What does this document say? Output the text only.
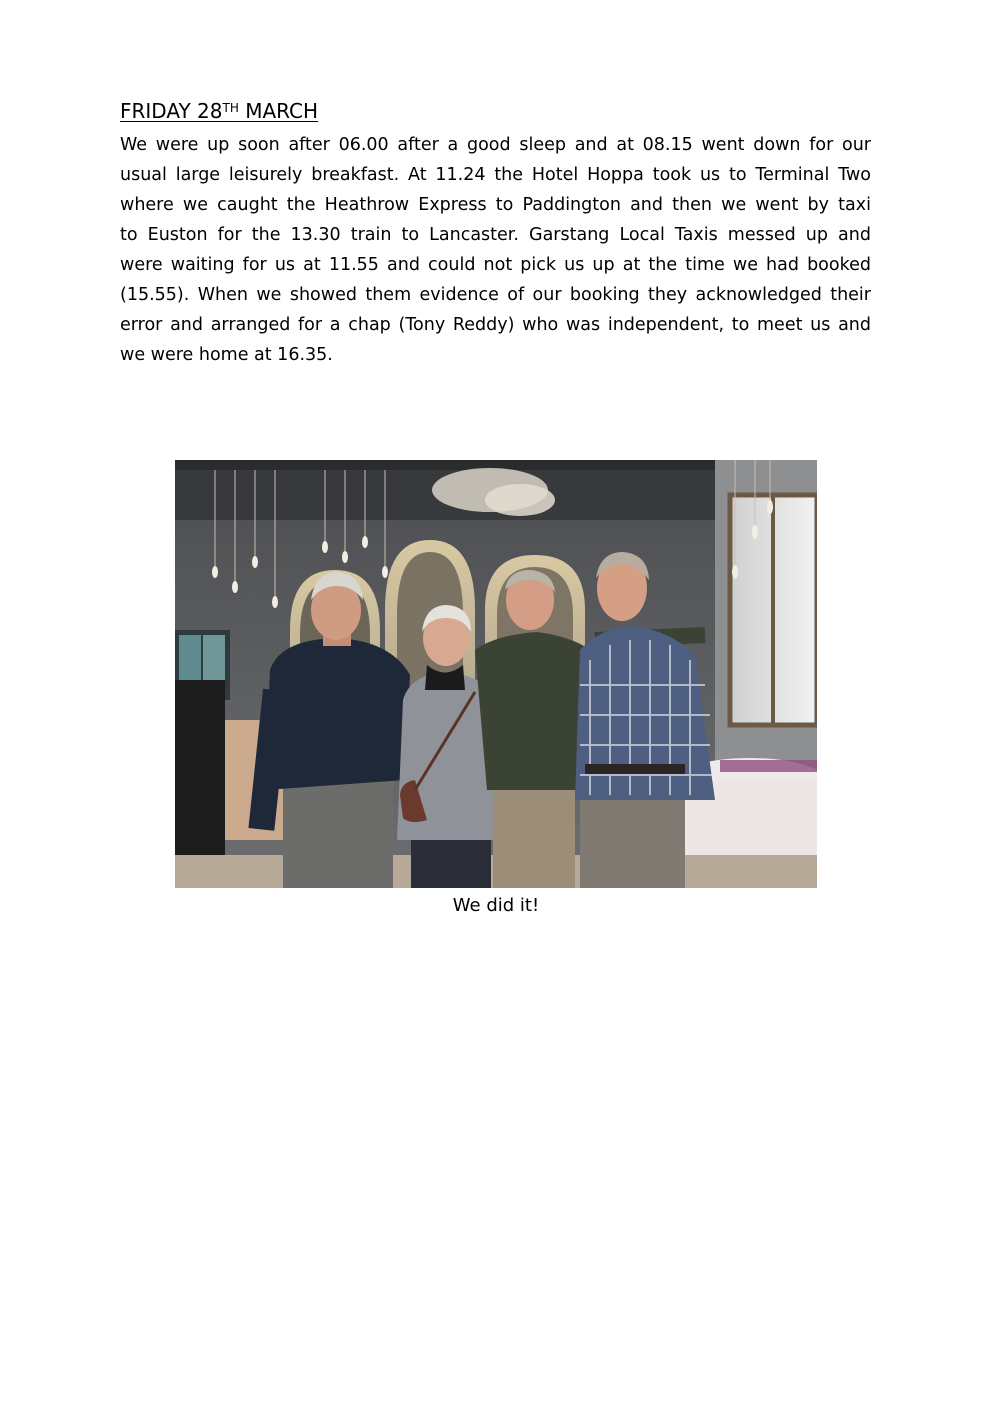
FRIDAY 28TH MARCH

We were up soon after 06.00 after a good sleep and at 08.15 went down for our
usual large leisurely breakfast. At 11.24 the Hotel Hoppa took us to Terminal Two
where we caught the Heathrow Express to Paddington and then we went by taxi
to Euston for the 13.30 train to Lancaster. Garstang Local Taxis messed up and
were waiting for us at 11.55 and could not pick us up at the time we had booked
(15.55). When we showed them evidence of our booking they acknowledged their
error and arranged for a chap (Tony Reddy) who was independent, to meet us and
we were home at 16.35.

We did it!
